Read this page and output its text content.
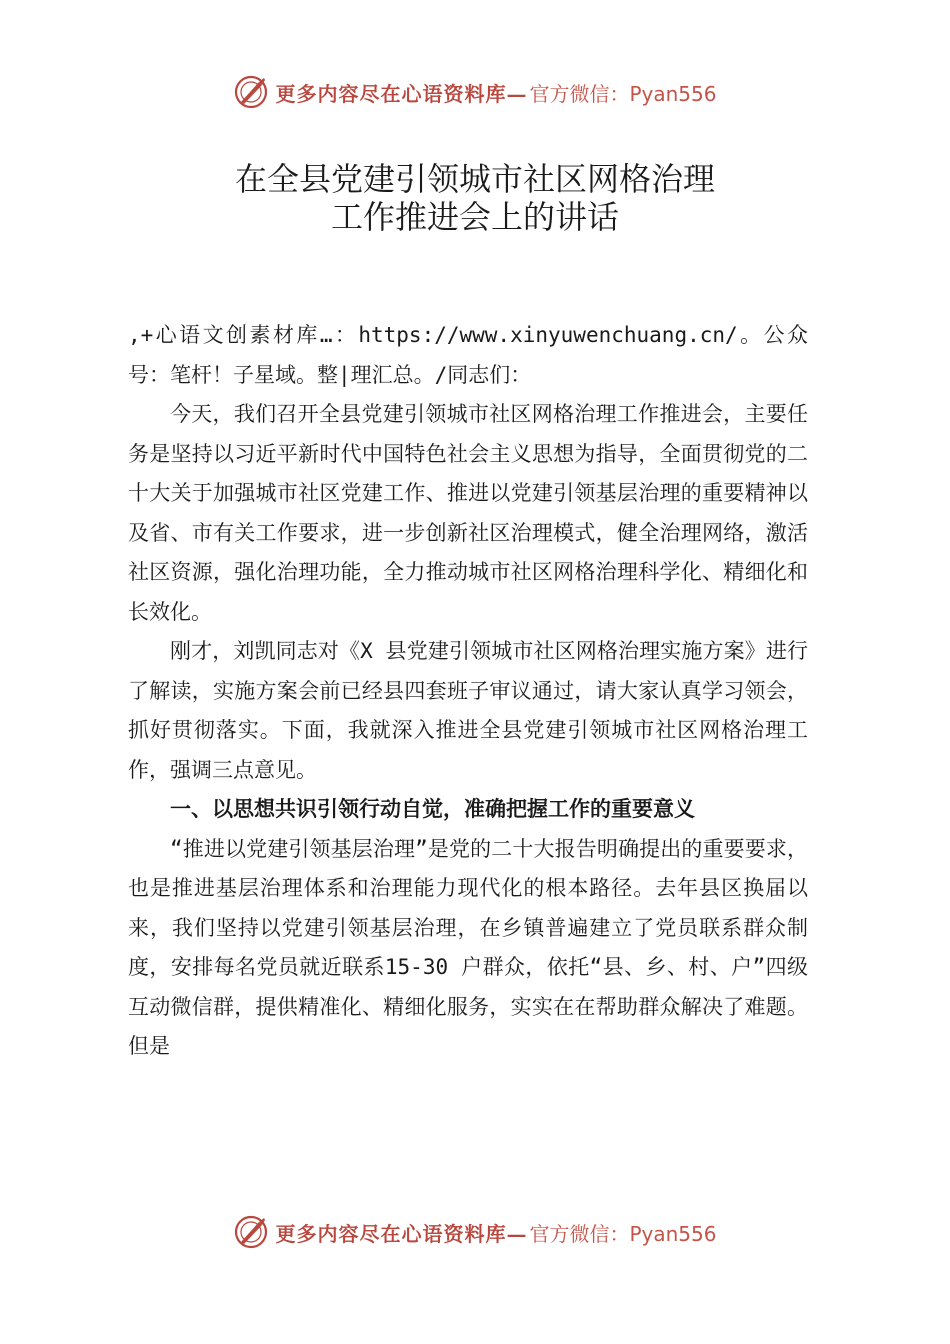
更多内容尽在心语资料库— 官方微信：Pyan556
在全县党建引领城市社区网格治理
工作推进会上的讲话

,+心语文创素材库…：https://www.xinyuwenchuang.cn/。公众号：笔杆！子星域。整|理汇总。/同志们：

今天，我们召开全县党建引领城市社区网格治理工作推进会，主要任务是坚持以习近平新时代中国特色社会主义思想为指导，全面贯彻党的二十大关于加强城市社区党建工作、推进以党建引领基层治理的重要精神以及省、市有关工作要求，进一步创新社区治理模式，健全治理网络，激活社区资源，强化治理功能，全力推动城市社区网格治理科学化、精细化和长效化。

刚才，刘凯同志对《X 县党建引领城市社区网格治理实施方案》进行了解读，实施方案会前已经县四套班子审议通过，请大家认真学习领会，抓好贯彻落实。下面，我就深入推进全县党建引领城市社区网格治理工作，强调三点意见。

一、以思想共识引领行动自觉，准确把握工作的重要意义

“推进以党建引领基层治理”是党的二十大报告明确提出的重要要求，也是推进基层治理体系和治理能力现代化的根本路径。去年县区换届以来，我们坚持以党建引领基层治理，在乡镇普遍建立了党员联系群众制度，安排每名党员就近联系15-30 户群众，依托“县、乡、村、户”四级互动微信群，提供精准化、精细化服务，实实在在帮助群众解决了难题。但是

更多内容尽在心语资料库— 官方微信：Pyan556
